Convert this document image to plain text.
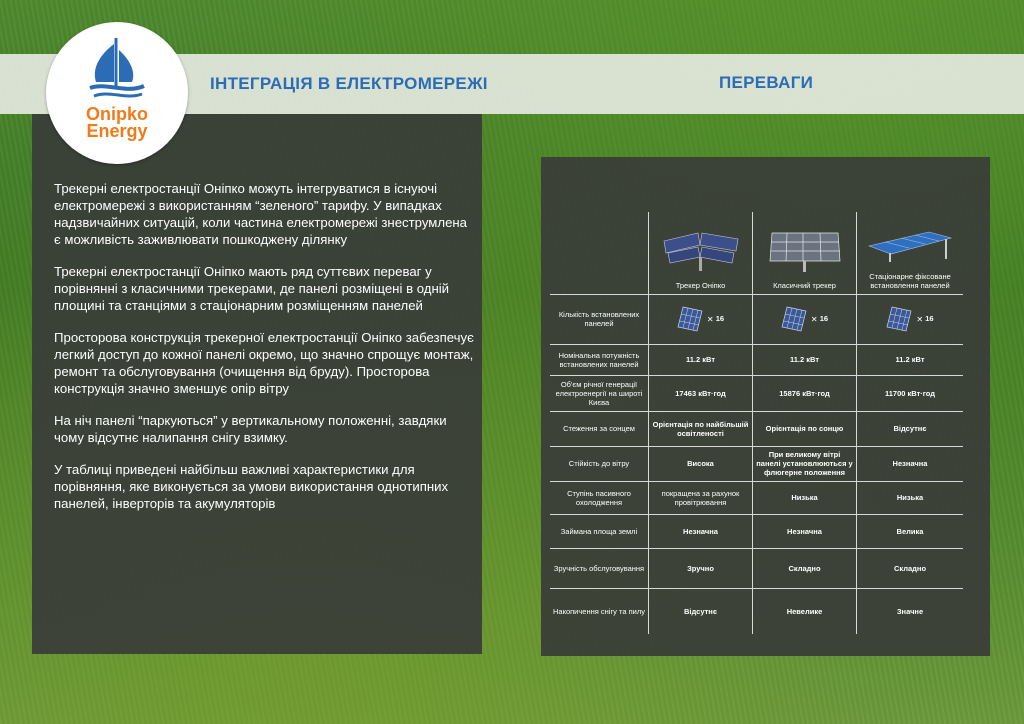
ІНТЕГРАЦІЯ В ЕЛЕКТРОМЕРЕЖІ	ПЕРЕВАГИ
Onipko
Energy

Трекерні електростанції Оніпко можуть інтегруватися в існуючі електромережі з використанням “зеленого” тарифу. У випадках надзвичайних ситуацій, коли частина електромережі знеструмлена є можливість заживлювати пошкоджену ділянку

Трекерні електростанції Оніпко мають ряд суттєвих переваг у порівнянні з класичними трекерами, де панелі розміщені в одній площині та станціями з стаціонарним розміщенням панелей

Просторова конструкція трекерної електростанції Оніпко забезпечує легкий доступ до кожної панелі окремо, що значно спрощує монтаж, ремонт та обслуговування (очищення від бруду). Просторова конструкція значно зменшує опір вітру

На ніч панелі “паркуються” у вертикальному положенні, завдяки чому відсутнє налипання снігу взимку.

У таблиці приведені найбільш важливі характеристики для порівняння, яке виконується за умови використання однотипних панелей, інверторів та акумуляторів

	Трекер Оніпко	Класичний трекер	Стаціонарне фіксоване встановлення панелей

Кількість встановлених панелей	✕ 16	✕ 16	✕ 16
Номінальна потужність встановлених панелей	11.2 кВт	11.2 кВт	11.2 кВт
Об'єм річної генерації електроенергії на широті Києва	17463 кВт·год	15876 кВт·год	11700 кВт·год
Стеження за сонцем	Орієнтація по найбільшій освітленості	Орієнтація по сонцю	Відсутнє
Стійкість до вітру	Висока	При великому вітрі панелі установлюються у флюгерне положення	Незначна
Ступінь пасивного охолодження	покращена за рахунок провітрювання	Низька	Низька
Займана площа землі	Незначна	Незначна	Велика
Зручність обслуговування	Зручно	Складно	Складно
Накопичення снігу та пилу	Відсутнє	Невелике	Значне
